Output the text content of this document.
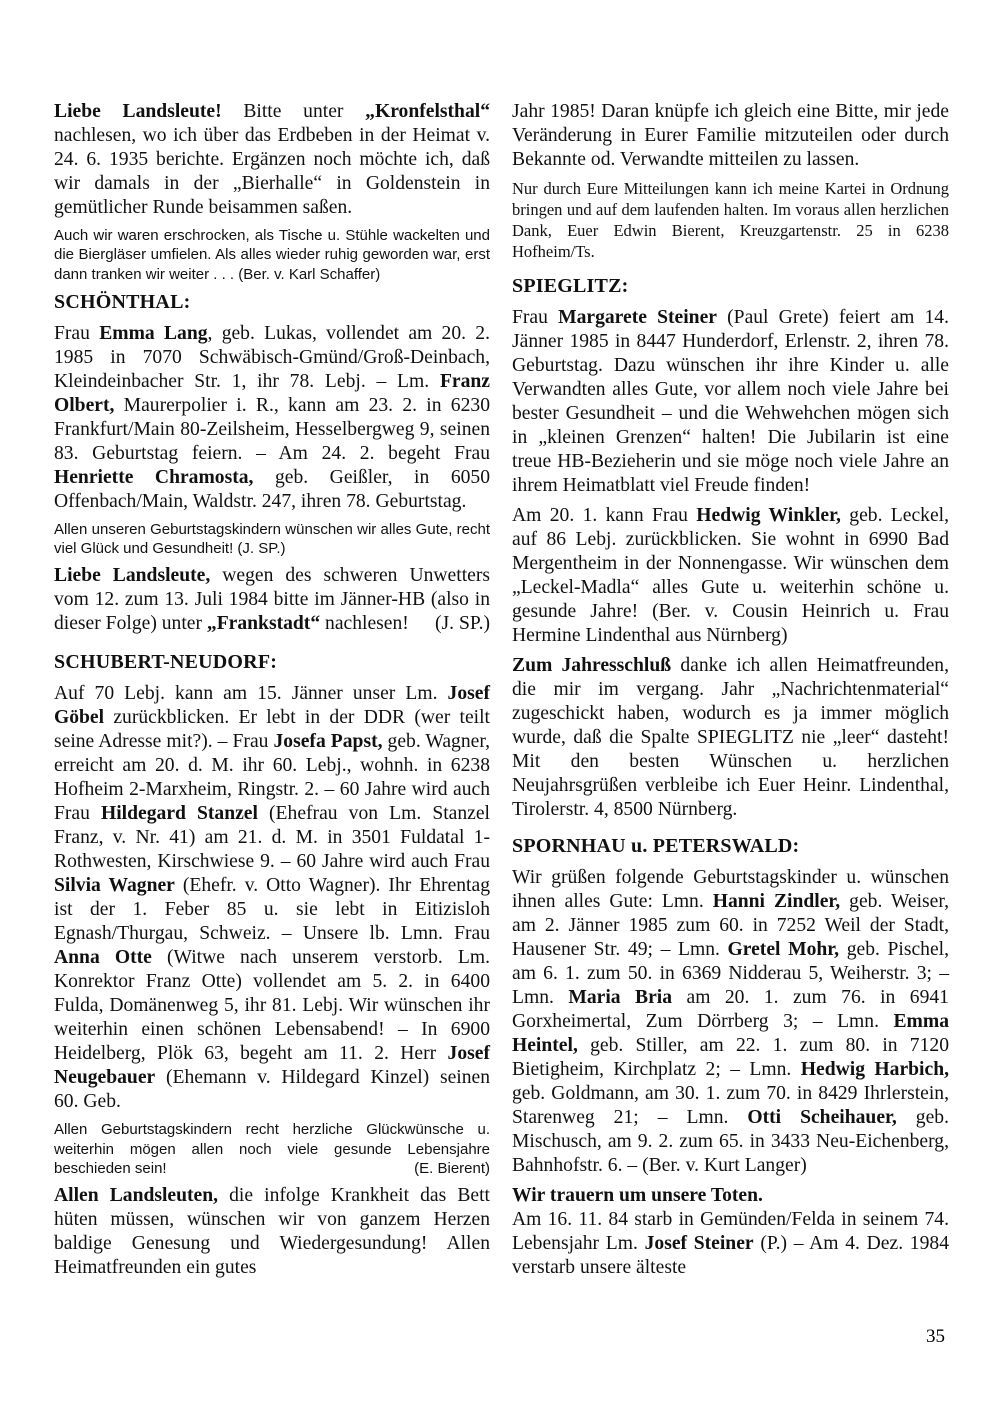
Liebe Landsleute! Bitte unter „Kronfelsthal“ nachlesen, wo ich über das Erdbeben in der Heimat v. 24. 6. 1935 berichte. Ergänzen noch möchte ich, daß wir damals in der „Bierhalle“ in Goldenstein in gemütlicher Runde beisammen saßen.

Auch wir waren erschrocken, als Tische u. Stühle wackelten und die Biergläser umfielen. Als alles wieder ruhig geworden war, erst dann tranken wir weiter . . . (Ber. v. Karl Schaffer)

SCHÖNTHAL:

Frau Emma Lang, geb. Lukas, vollendet am 20. 2. 1985 in 7070 Schwäbisch-Gmünd/Groß-Deinbach, Kleindeinbacher Str. 1, ihr 78. Lebj. – Lm. Franz Olbert, Maurerpolier i. R., kann am 23. 2. in 6230 Frankfurt/Main 80-Zeilsheim, Hesselbergweg 9, seinen 83. Geburtstag feiern. – Am 24. 2. begeht Frau Henriette Chramosta, geb. Geißler, in 6050 Offenbach/Main, Waldstr. 247, ihren 78. Geburtstag.

Allen unseren Geburtstagskindern wünschen wir alles Gute, recht viel Glück und Gesundheit! (J. SP.)

Liebe Landsleute, wegen des schweren Unwetters vom 12. zum 13. Juli 1984 bitte im Jänner-HB (also in dieser Folge) unter „Frankstadt“ nachlesen!	(J. SP.)

SCHUBERT-NEUDORF:

Auf 70 Lebj. kann am 15. Jänner unser Lm. Josef Göbel zurückblicken. Er lebt in der DDR (wer teilt seine Adresse mit?). – Frau Josefa Papst, geb. Wagner, erreicht am 20. d. M. ihr 60. Lebj., wohnh. in 6238 Hofheim 2-Marxheim, Ringstr. 2. – 60 Jahre wird auch Frau Hildegard Stanzel (Ehefrau von Lm. Stanzel Franz, v. Nr. 41) am 21. d. M. in 3501 Fuldatal 1-Rothwesten, Kirschwiese 9. – 60 Jahre wird auch Frau Silvia Wagner (Ehefr. v. Otto Wagner). Ihr Ehrentag ist der 1. Feber 85 u. sie lebt in Eitizisloh Egnash/Thurgau, Schweiz. – Unsere lb. Lmn. Frau Anna Otte (Witwe nach unserem verstorb. Lm. Konrektor Franz Otte) vollendet am 5. 2. in 6400 Fulda, Domänenweg 5, ihr 81. Lebj. Wir wünschen ihr weiterhin einen schönen Lebensabend! – In 6900 Heidelberg, Plök 63, begeht am 11. 2. Herr Josef Neugebauer (Ehemann v. Hildegard Kinzel) seinen 60. Geb.

Allen Geburtstagskindern recht herzliche Glückwünsche u. weiterhin mögen allen noch viele gesunde Lebensjahre beschieden sein!	(E. Bierent)

Allen Landsleuten, die infolge Krankheit das Bett hüten müssen, wünschen wir von ganzem Herzen baldige Genesung und Wiedergesundung! Allen Heimatfreunden ein gutes

Jahr 1985! Daran knüpfe ich gleich eine Bitte, mir jede Veränderung in Eurer Familie mitzuteilen oder durch Bekannte od. Verwandte mitteilen zu lassen.

Nur durch Eure Mitteilungen kann ich meine Kartei in Ordnung bringen und auf dem laufenden halten. Im voraus allen herzlichen Dank, Euer Edwin Bierent, Kreuzgartenstr. 25 in 6238 Hofheim/Ts.

SPIEGLITZ:

Frau Margarete Steiner (Paul Grete) feiert am 14. Jänner 1985 in 8447 Hunderdorf, Erlenstr. 2, ihren 78. Geburtstag. Dazu wünschen ihr ihre Kinder u. alle Verwandten alles Gute, vor allem noch viele Jahre bei bester Gesundheit – und die Wehwehchen mögen sich in „kleinen Grenzen“ halten! Die Jubilarin ist eine treue HB-Bezieherin und sie möge noch viele Jahre an ihrem Heimatblatt viel Freude finden!

Am 20. 1. kann Frau Hedwig Winkler, geb. Leckel, auf 86 Lebj. zurückblicken. Sie wohnt in 6990 Bad Mergentheim in der Nonnengasse. Wir wünschen dem „Leckel-Madla“ alles Gute u. weiterhin schöne u. gesunde Jahre! (Ber. v. Cousin Heinrich u. Frau Hermine Lindenthal aus Nürnberg)

Zum Jahresschluß danke ich allen Heimatfreunden, die mir im vergang. Jahr „Nachrichtenmaterial“ zugeschickt haben, wodurch es ja immer möglich wurde, daß die Spalte SPIEGLITZ nie „leer“ dasteht! Mit den besten Wünschen u. herzlichen Neujahrsgrüßen verbleibe ich Euer Heinr. Lindenthal, Tirolerstr. 4, 8500 Nürnberg.

SPORNHAU u. PETERSWALD:

Wir grüßen folgende Geburtstagskinder u. wünschen ihnen alles Gute: Lmn. Hanni Zindler, geb. Weiser, am 2. Jänner 1985 zum 60. in 7252 Weil der Stadt, Hausener Str. 49; – Lmn. Gretel Mohr, geb. Pischel, am 6. 1. zum 50. in 6369 Nidderau 5, Weiherstr. 3; – Lmn. Maria Bria am 20. 1. zum 76. in 6941 Gorxheimertal, Zum Dörrberg 3; – Lmn. Emma Heintel, geb. Stiller, am 22. 1. zum 80. in 7120 Bietigheim, Kirchplatz 2; – Lmn. Hedwig Harbich, geb. Goldmann, am 30. 1. zum 70. in 8429 Ihrlerstein, Starenweg 21; – Lmn. Otti Scheihauer, geb. Mischusch, am 9. 2. zum 65. in 3433 Neu-Eichenberg, Bahnhofstr. 6. – (Ber. v. Kurt Langer)

Wir trauern um unsere Toten.

Am 16. 11. 84 starb in Gemünden/Felda in seinem 74. Lebensjahr Lm. Josef Steiner (P.) – Am 4. Dez. 1984 verstarb unsere älteste

35
